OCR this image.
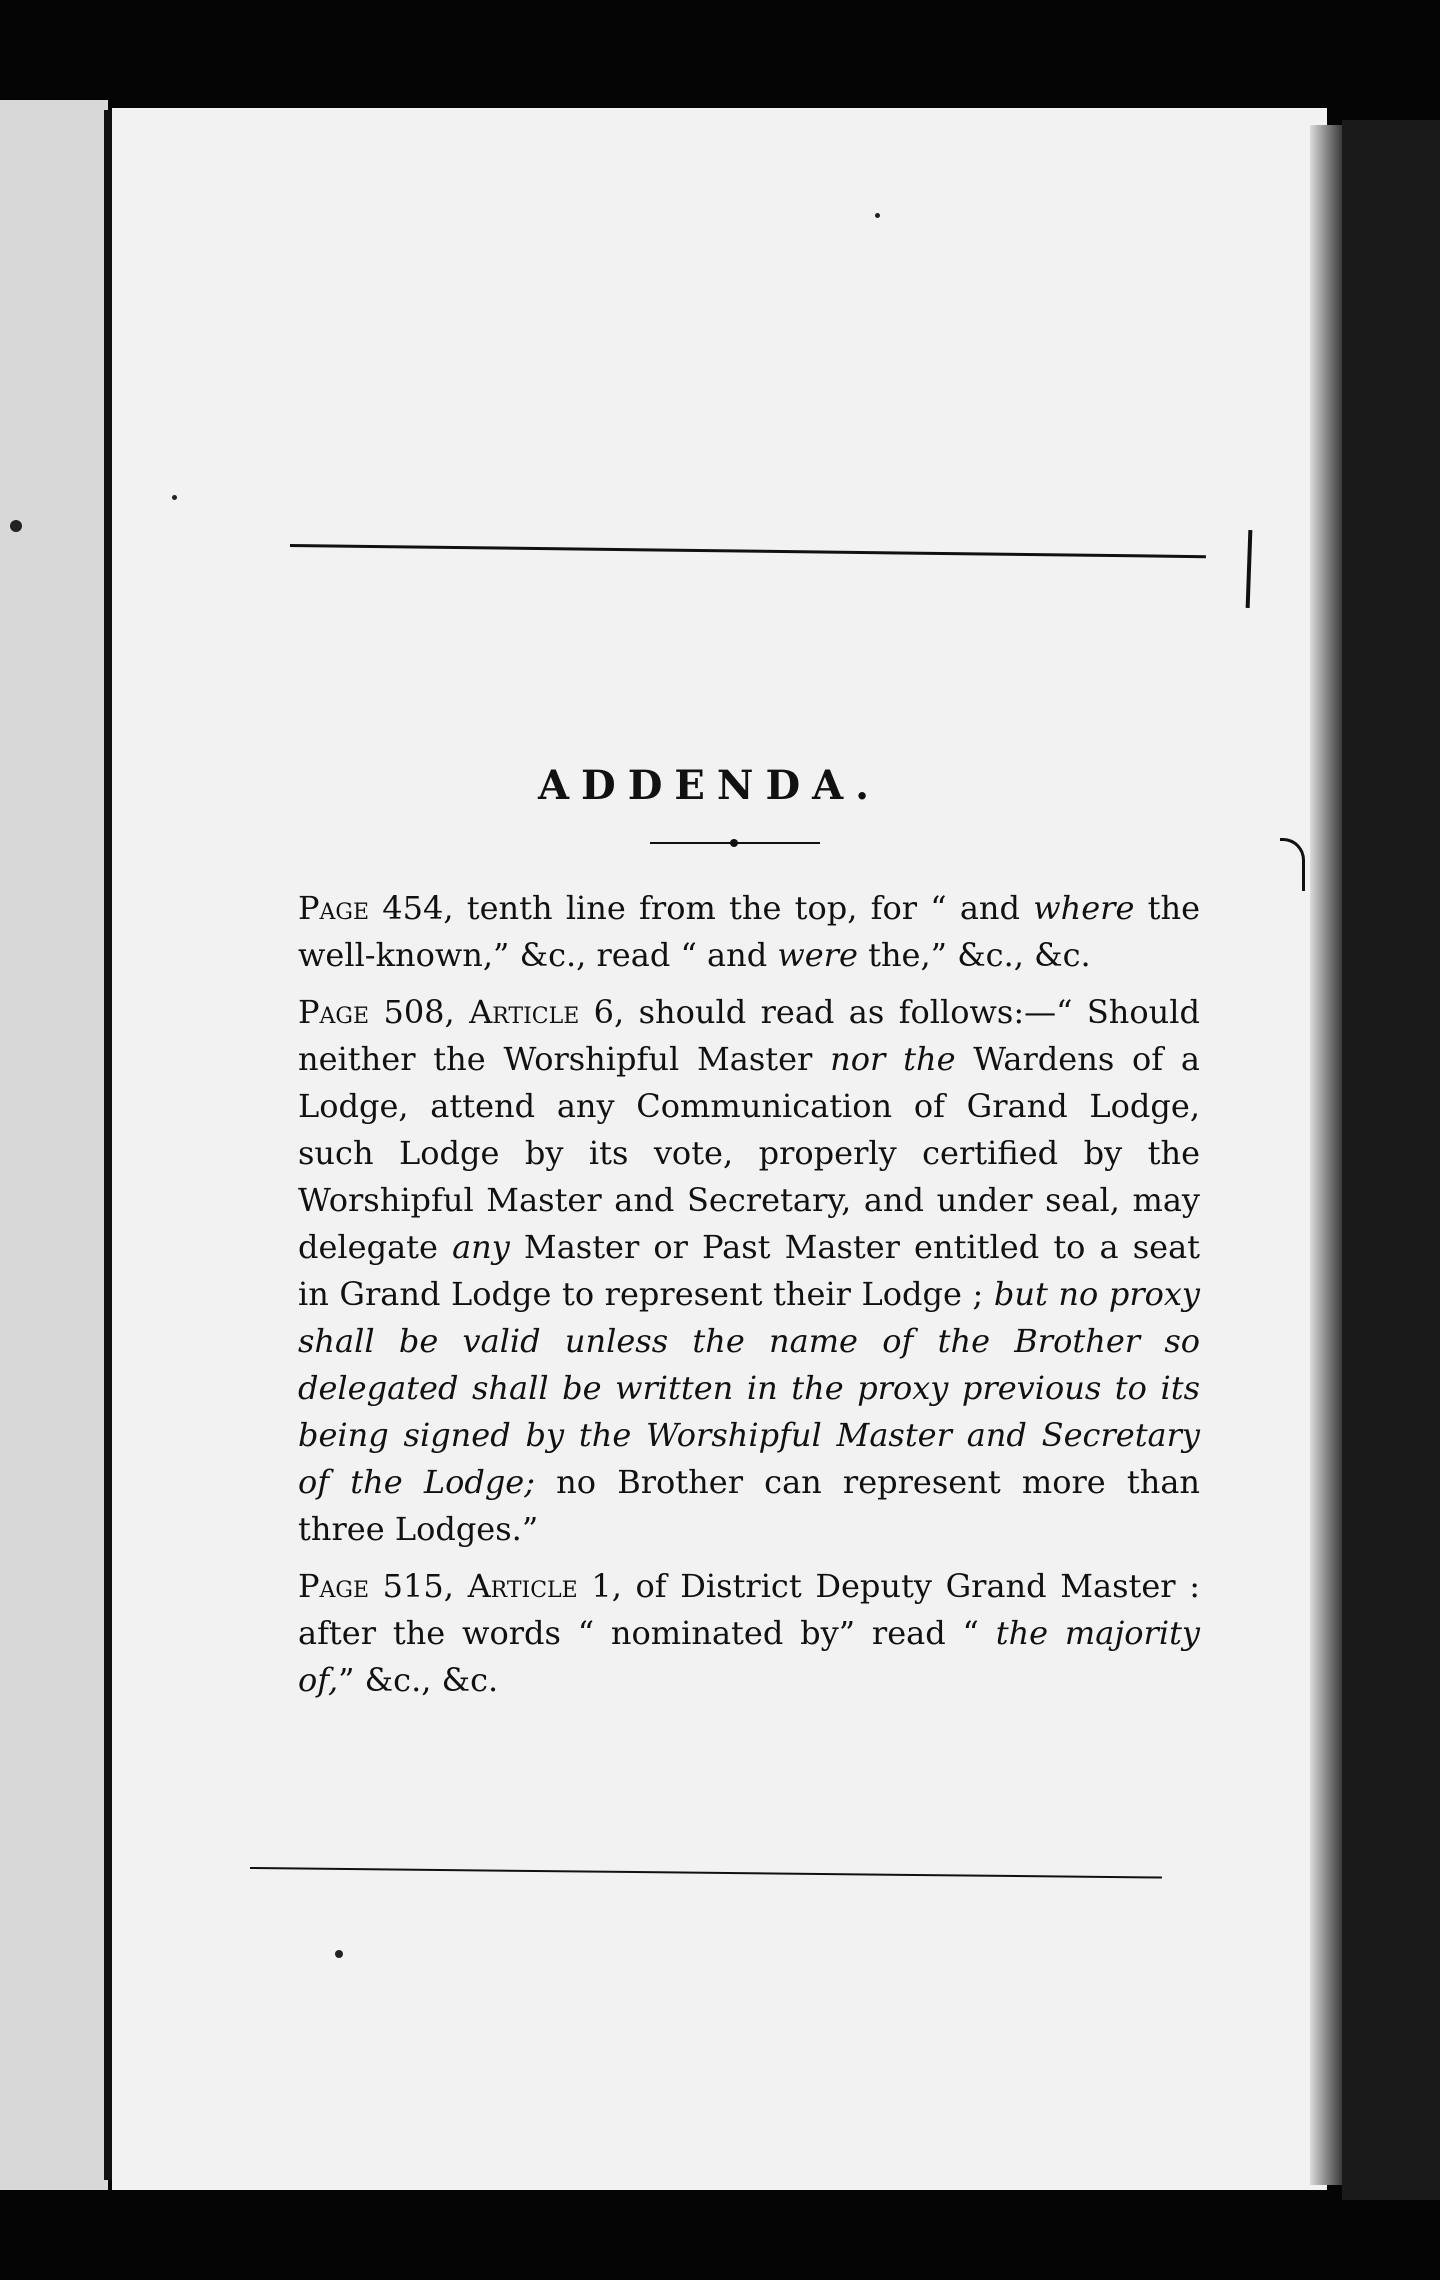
ADDENDA.

Page 454, tenth line from the top, for “ and where the well-known,” &c., read “ and were the,” &c., &c.

Page 508, Article 6, should read as follows:—“ Should neither the Worshipful Master nor the Wardens of a Lodge, attend any Communication of Grand Lodge, such Lodge by its vote, properly certified by the Worshipful Master and Secretary, and under seal, may delegate any Master or Past Master entitled to a seat in Grand Lodge to represent their Lodge ; but no proxy shall be valid unless the name of the Brother so delegated shall be written in the proxy previous to its being signed by the Worshipful Master and Secretary of the Lodge; no Brother can represent more than three Lodges.”

Page 515, Article 1, of District Deputy Grand Master : after the words “ nominated by” read “ the majority of,” &c., &c.
